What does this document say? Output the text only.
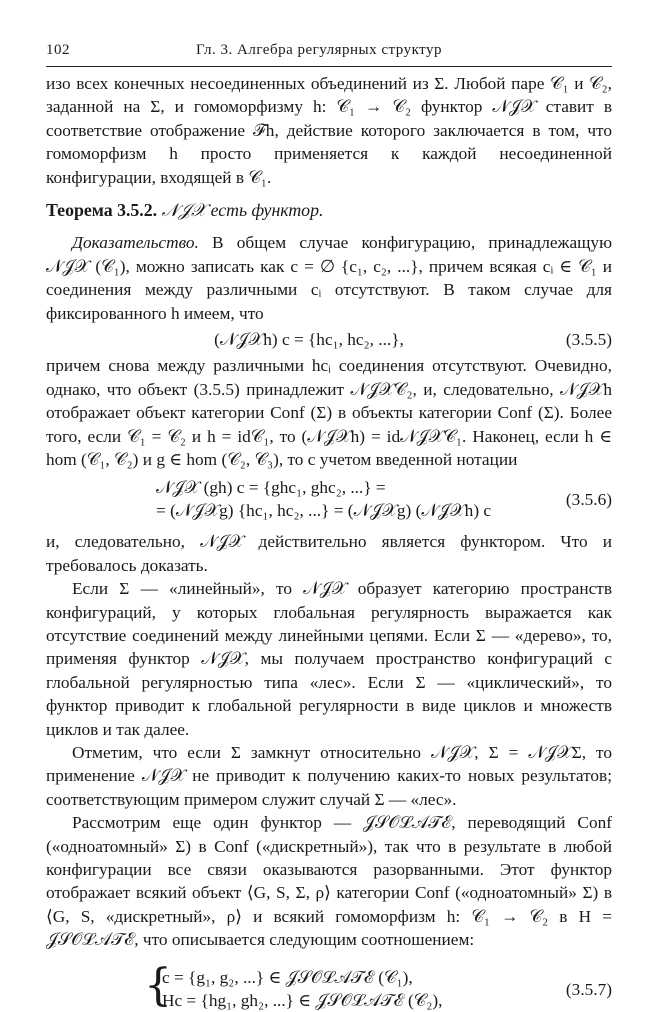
102	Гл. 3. Алгебра регулярных структур

изо всех конечных несоединенных объединений из Σ. Любой паре 𝒞₁ и 𝒞₂, заданной на Σ, и гомоморфизму h: 𝒞₁ → 𝒞₂ функтор 𝒩𝒥𝒳 ставит в соответствие отображение ℱh, действие которого заключается в том, что гомоморфизм h просто применяется к каждой несоединенной конфигурации, входящей в 𝒞₁.

Теорема 3.5.2. 𝒩𝒥𝒳 есть функтор.

Доказательство. В общем случае конфигурацию, принадлежащую 𝒩𝒥𝒳 (𝒞₁), можно записать как c = ∅ {c₁, c₂, ...}, причем всякая cᵢ ∈ 𝒞₁ и соединения между различными cᵢ отсутствуют. В таком случае для фиксированного h имеем, что

(𝒩𝒥𝒳h) c = {hc₁, hc₂, ...},	(3.5.5)

причем снова между различными hcᵢ соединения отсутствуют. Очевидно, однако, что объект (3.5.5) принадлежит 𝒩𝒥𝒳𝒞₂, и, следовательно, 𝒩𝒥𝒳h отображает объект категории Conf (Σ) в объекты категории Conf (Σ). Более того, если 𝒞₁ = 𝒞₂ и h = id𝒞₁, то (𝒩𝒥𝒳h) = id𝒩𝒥𝒳𝒞₁. Наконец, если h ∈ hom (𝒞₁, 𝒞₂) и g ∈ hom (𝒞₂, 𝒞₃), то с учетом введенной нотации

𝒩𝒥𝒳 (gh) c = {ghc₁, ghc₂, ...} =
= (𝒩𝒥𝒳g) {hc₁, hc₂, ...} = (𝒩𝒥𝒳g) (𝒩𝒥𝒳h) c
(3.5.6)

и, следовательно, 𝒩𝒥𝒳 действительно является функтором. Что и требовалось доказать.

Если Σ — «линейный», то 𝒩𝒥𝒳 образует категорию пространств конфигураций, у которых глобальная регулярность выражается как отсутствие соединений между линейными цепями. Если Σ — «дерево», то, применяя функтор 𝒩𝒥𝒳, мы получаем пространство конфигураций с глобальной регулярностью типа «лес». Если Σ — «циклический», то функтор приводит к глобальной регулярности в виде циклов и множеств циклов и так далее.

Отметим, что если Σ замкнут относительно 𝒩𝒥𝒳, Σ = 𝒩𝒥𝒳Σ, то применение 𝒩𝒥𝒳 не приводит к получению каких-то новых результатов; соответствующим примером служит случай Σ — «лес».

Рассмотрим еще один функтор — 𝒥𝒮𝒪ℒ𝒜𝒯ℰ, переводящий Conf («одноатомный» Σ) в Conf («дискретный»), так что в результате в любой конфигурации все связи оказываются разорванными. Этот функтор отображает всякий объект ⟨G, S, Σ, ρ⟩ категории Conf («одноатомный» Σ) в ⟨G, S, «дискретный», ρ⟩ и всякий гомоморфизм h: 𝒞₁ → 𝒞₂ в H = 𝒥𝒮𝒪ℒ𝒜𝒯ℰ, что описывается следующим соотношением:

{
c = {g₁, g₂, ...} ∈ 𝒥𝒮𝒪ℒ𝒜𝒯ℰ (𝒞₁),
Hc = {hg₁, gh₂, ...} ∈ 𝒥𝒮𝒪ℒ𝒜𝒯ℰ (𝒞₂),
(3.5.7)
